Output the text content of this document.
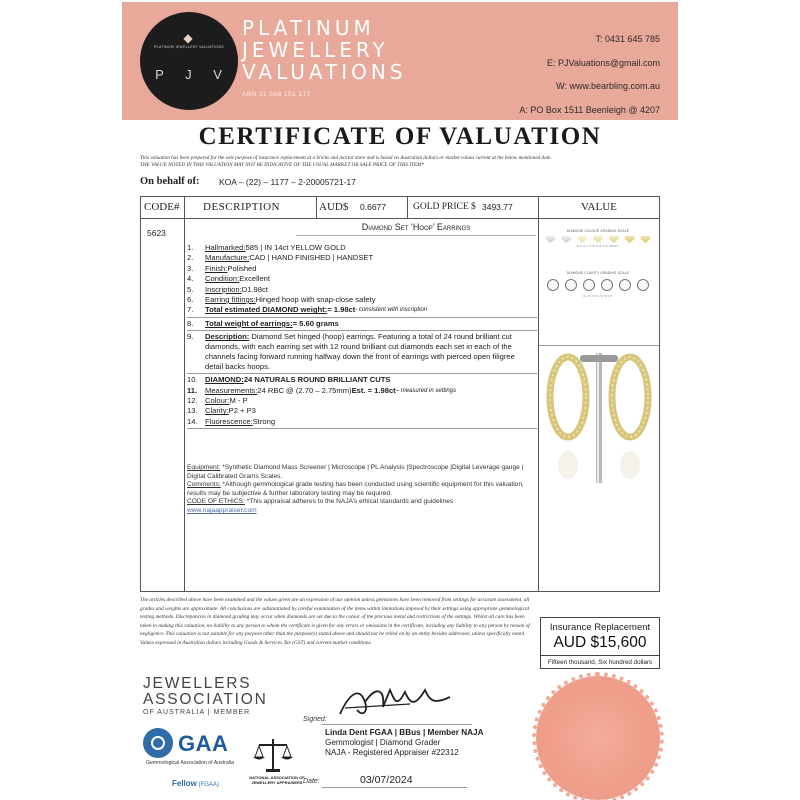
◆
PLATINUM JEWELLERY VALUATIONS
P J V
PLATINUM
JEWELLERY
VALUATIONS
ABN 11 588 101 177
T: 0431 645 785
E: PJValuations@gmail.com
W: www.bearbling.com.au
A: PO Box 1511 Beenleigh @ 4207
CERTIFICATE OF VALUATION
This valuation has been prepared for the sole purpose of insurance replacement at a bricks and mortar store and is based on Australian dollars or market values current at the below mentioned date.
THE VALUE NOTED IN THIS VALUATION MAY NOT BE INDICATIVE OF THE USUAL MARKET OR SALE PRICE OF THIS ITEM*
On behalf of: KOA – (22) – 1177 – 2-20005721-17
CODE# DESCRIPTION	AUD$ 0.6677	GOLD PRICE $ 3493.77	VALUE
5623
Diamond Set ‘Hoop’ Earrings
1.	Hallmarked: 585 | IN 14ct YELLOW GOLD
2.	Manufacture: CAD | HAND FINISHED | HANDSET
3.	Finish: Polished
4.	Condition: Excellent
5.	Inscription: D1.98ct
6.	Earring fittings: Hinged hoop with snap-close safety
7.	Total estimated DIAMOND weight: = 1.98ct - consistent with inscription
8.	Total weight of earrings: = 5.60 grams
9.	Description: Diamond Set hinged (hoop) earrings. Featuring a total of 24 round brilliant cut diamonds, with each earring set with 12 round brilliant cut diamonds each set in each of the channels facing forward running halfway down the front of earrings with pierced open filigree detail backs hoops.
10. DIAMOND: 24 NATURALS ROUND BRILLIANT CUTS
11.	Measurements: 24 RBC @ (2.70 – 2.75mm) Est. = 1.98ct – measured in settings
12. Colour: M - P
13. Clarity: P2 + P3
14. Fluorescence: Strong
Equipment: *Synthetic Diamond Mass Screener | Microscope | PL Analysis |Spectroscope |Digital Leverage gauge | Digital Calibrated Grams Scales.
Comments: *Although gemmological grade testing has been conducted using scientific equipment for this valuation, results may be subjective & further laboratory testing may be required.
CODE OF ETHICS: *This appraisal adheres to the NAJA’s ethical standards and guidelines
www.najaappraiser.com
DIAMOND COLOUR GRADING SCALE
D-F G-J K-M N-R S-Z FANCY
DIAMOND CLARITY GRADING SCALE
FL-IF VVS VS SI I/P
The articles described above have been examined and the values given are an expression of our opinion unless gemstones have been removed from settings for accurate assessment, all grades and weights are approximate. All conclusions are substantiated by careful examination of the items within limitations imposed by their settings using appropriate gemmological testing methods. Discrepancies in diamond grading may occur when diamonds are set due to the colour of the precious metal and restrictions of the settings. Whilst all care has been taken in making this valuation, no liability to any person to whom the certificate is given for any errors or omissions in the certificate, including any liability to any person by reason of negligence. This valuation is not suitable for any purpose other than the purpose(s) stated above and should not be relied on by an entity besides addressee, unless specifically noted. Values expressed in Australian dollars including Goods & Services Tax (GST) and current market conditions.
Insurance Replacement
AUD $15,600
Fifteen thousand, Six hundred dollars
JEWELLERS
ASSOCIATION
OF AUSTRALIA | MEMBER
GAA
Gemmological Association of Australia
Fellow (FGAA)
NATIONAL ASSOCIATION OF JEWELLERY APPRAISERS
Signed:
Linda Dent FGAA | BBus | Member NAJA
Gemmologist | Diamond Grader
NAJA - Registered Appraiser #22312
Date:	03/07/2024
